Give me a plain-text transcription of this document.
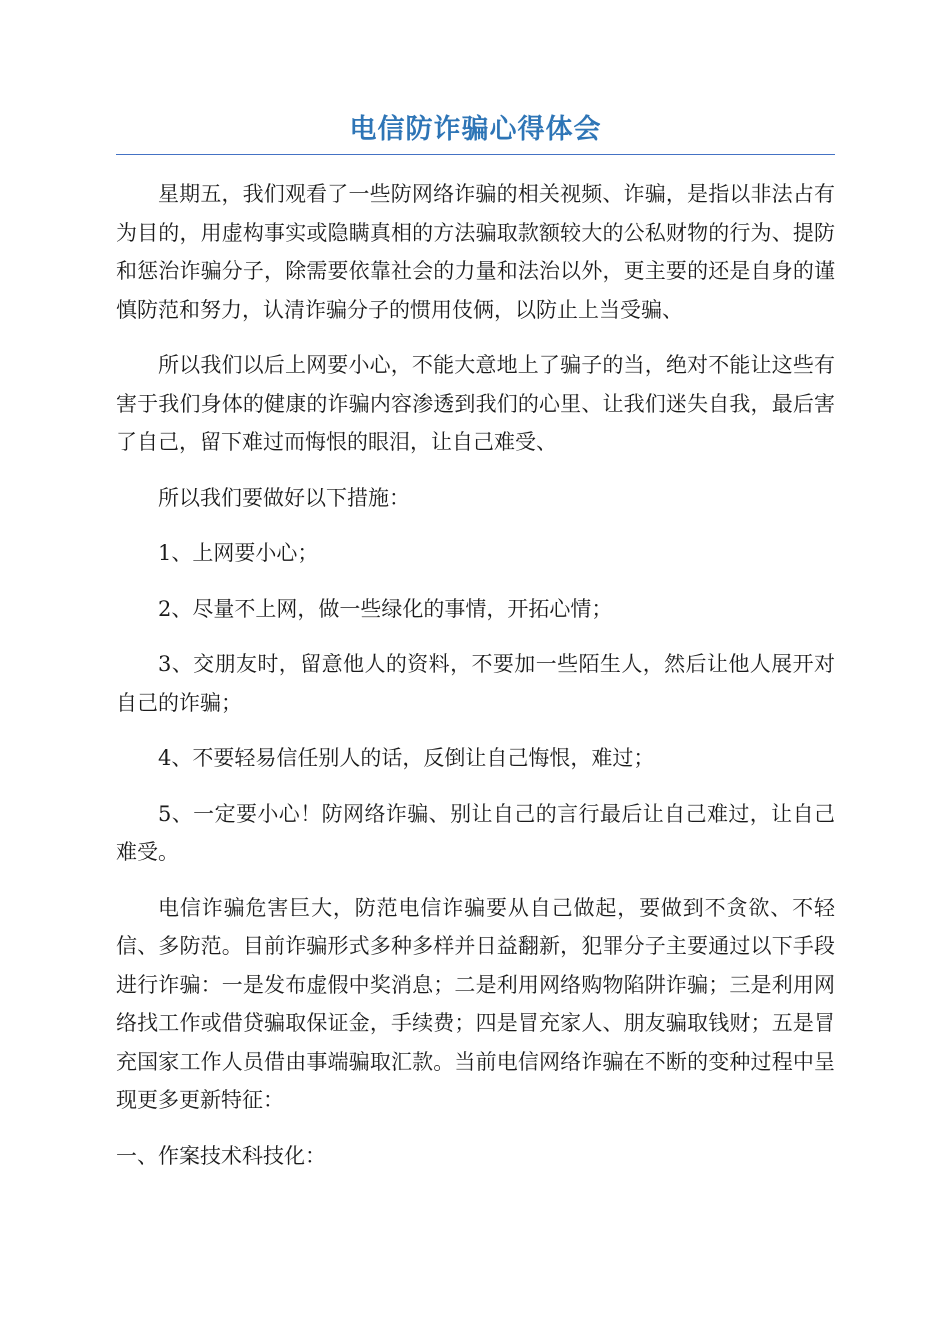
电信防诈骗心得体会

星期五，我们观看了一些防网络诈骗的相关视频、诈骗，是指以非法占有为目的，用虚构事实或隐瞒真相的方法骗取款额较大的公私财物的行为、提防和惩治诈骗分子，除需要依靠社会的力量和法治以外，更主要的还是自身的谨慎防范和努力，认清诈骗分子的惯用伎俩，以防止上当受骗、

所以我们以后上网要小心，不能大意地上了骗子的当，绝对不能让这些有害于我们身体的健康的诈骗内容渗透到我们的心里、让我们迷失自我，最后害了自己，留下难过而悔恨的眼泪，让自己难受、

所以我们要做好以下措施：

1、上网要小心；

2、尽量不上网，做一些绿化的事情，开拓心情；

3、交朋友时，留意他人的资料，不要加一些陌生人，然后让他人展开对自己的诈骗；

4、不要轻易信任别人的话，反倒让自己悔恨，难过；

5、一定要小心！防网络诈骗、别让自己的言行最后让自己难过，让自己难受。

电信诈骗危害巨大，防范电信诈骗要从自己做起，要做到不贪欲、不轻信、多防范。目前诈骗形式多种多样并日益翻新，犯罪分子主要通过以下手段进行诈骗：一是发布虚假中奖消息；二是利用网络购物陷阱诈骗；三是利用网络找工作或借贷骗取保证金，手续费；四是冒充家人、朋友骗取钱财；五是冒充国家工作人员借由事端骗取汇款。当前电信网络诈骗在不断的变种过程中呈现更多更新特征：

一、作案技术科技化：
